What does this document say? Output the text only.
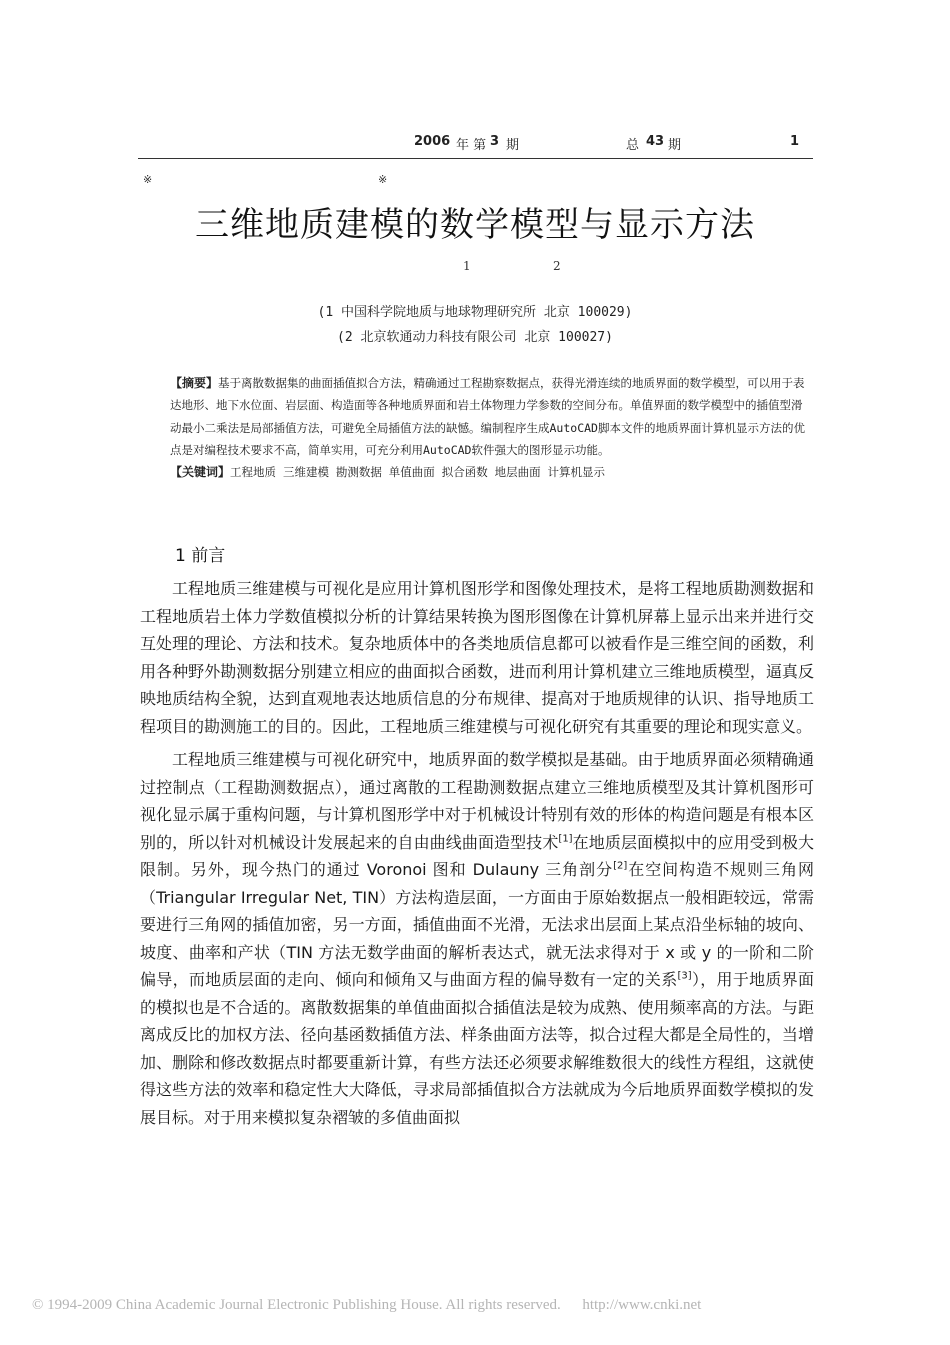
2006 年 第 3 期	总 43 期	1
※	※
三维地质建模的数学模型与显示方法
1	2
(1 中国科学院地质与地球物理研究所 北京 100029)
(2 北京软通动力科技有限公司 北京 100027)
【摘要】基于离散数据集的曲面插值拟合方法，精确通过工程勘察数据点，获得光滑连续的地质界面的数学模型，可以用于表达地形、地下水位面、岩层面、构造面等各种地质界面和岩土体物理力学参数的空间分布。单值界面的数学模型中的插值型滑动最小二乘法是局部插值方法，可避免全局插值方法的缺憾。编制程序生成AutoCAD脚本文件的地质界面计算机显示方法的优点是对编程技术要求不高，简单实用，可充分利用AutoCAD软件强大的图形显示功能。
【关键词】工程地质 三维建模 勘测数据 单值曲面 拟合函数 地层曲面 计算机显示
1 前言

工程地质三维建模与可视化是应用计算机图形学和图像处理技术，是将工程地质勘测数据和工程地质岩土体力学数值模拟分析的计算结果转换为图形图像在计算机屏幕上显示出来并进行交互处理的理论、方法和技术。复杂地质体中的各类地质信息都可以被看作是三维空间的函数，利用各种野外勘测数据分别建立相应的曲面拟合函数，进而利用计算机建立三维地质模型，逼真反映地质结构全貌，达到直观地表达地质信息的分布规律、提高对于地质规律的认识、指导地质工程项目的勘测施工的目的。因此，工程地质三维建模与可视化研究有其重要的理论和现实意义。

工程地质三维建模与可视化研究中，地质界面的数学模拟是基础。由于地质界面必须精确通过控制点（工程勘测数据点），通过离散的工程勘测数据点建立三维地质模型及其计算机图形可视化显示属于重构问题，与计算机图形学中对于机械设计特别有效的形体的构造问题是有根本区别的，所以针对机械设计发展起来的自由曲线曲面造型技术[1]在地质层面模拟中的应用受到极大限制。另外，现今热门的通过 Voronoi 图和 Dulauny 三角剖分[2]在空间构造不规则三角网（Triangular Irregular Net, TIN）方法构造层面，一方面由于原始数据点一般相距较远，常需要进行三角网的插值加密，另一方面，插值曲面不光滑，无法求出层面上某点沿坐标轴的坡向、坡度、曲率和产状（TIN 方法无数学曲面的解析表达式，就无法求得对于 x 或 y 的一阶和二阶偏导，而地质层面的走向、倾向和倾角又与曲面方程的偏导数有一定的关系[3]），用于地质界面的模拟也是不合适的。离散数据集的单值曲面拟合插值法是较为成熟、使用频率高的方法。与距离成反比的加权方法、径向基函数插值方法、样条曲面方法等，拟合过程大都是全局性的，当增加、删除和修改数据点时都要重新计算，有些方法还必须要求解维数很大的线性方程组，这就使得这些方法的效率和稳定性大大降低，寻求局部插值拟合方法就成为今后地质界面数学模拟的发展目标。对于用来模拟复杂褶皱的多值曲面拟

© 1994-2009 China Academic Journal Electronic Publishing House. All rights reserved. http://www.cnki.net
